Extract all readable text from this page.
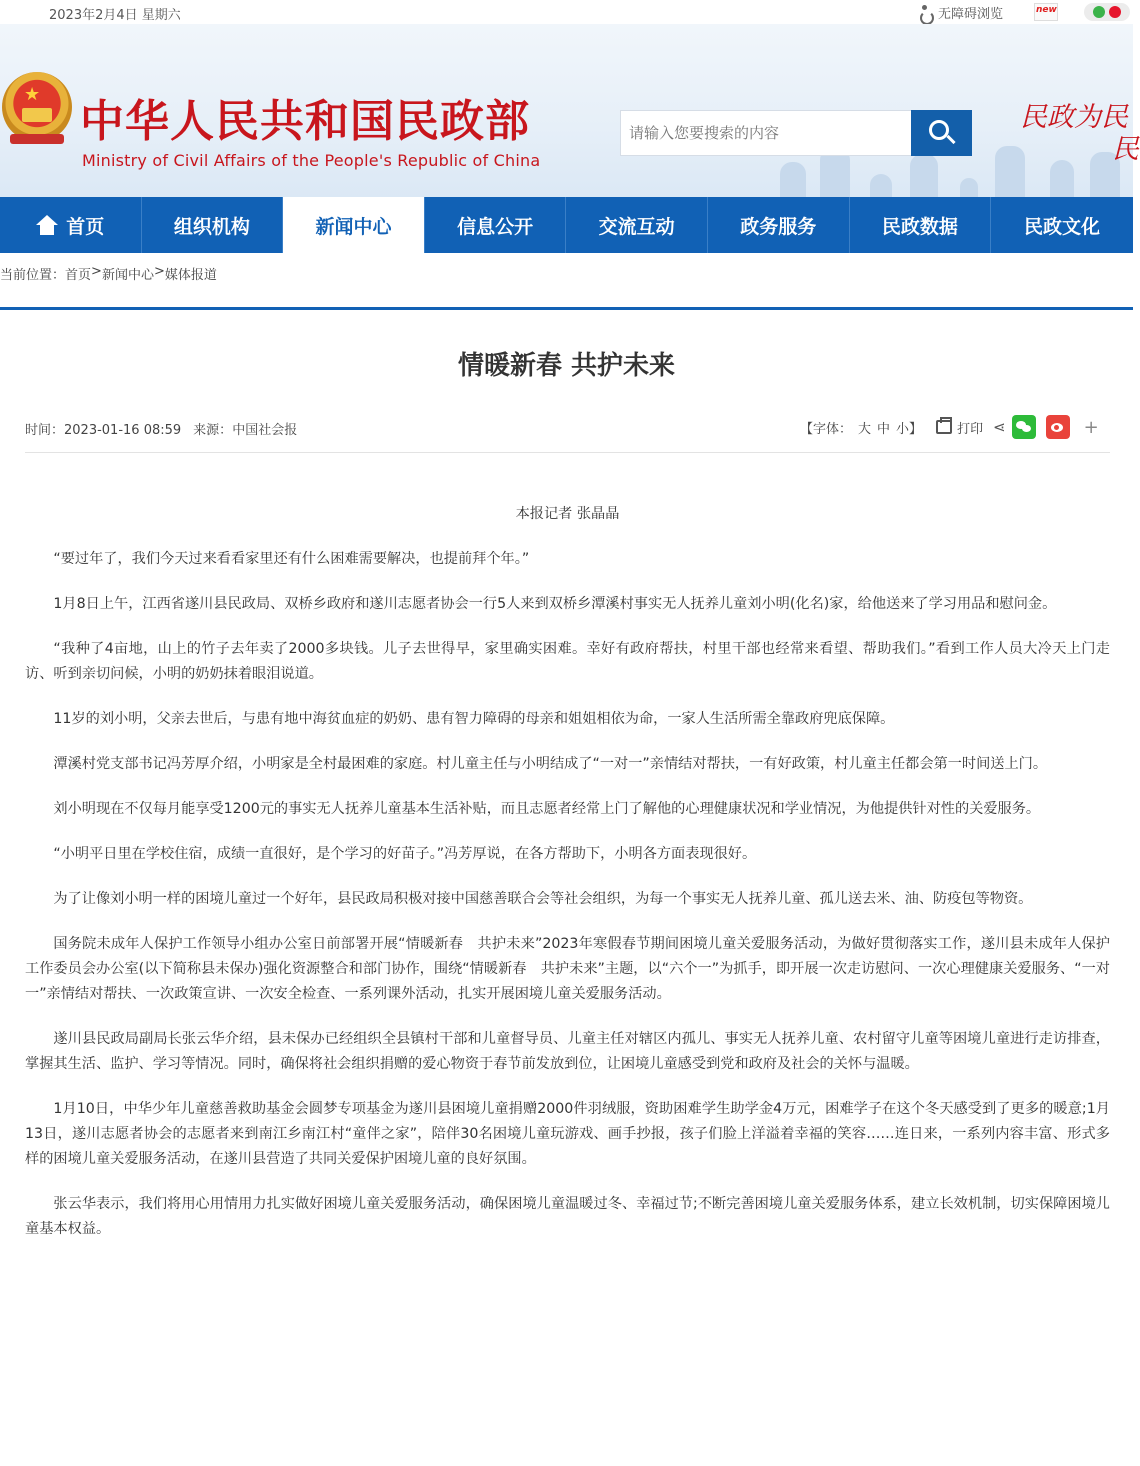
2023年2月4日 星期六	无障碍浏览	new
★
中华人民共和国民政部
Ministry of Civil Affairs of the People's Republic of China
请输入您要搜索的内容
民政为民
民
首页	组织机构	新闻中心	信息公开	交流互动	政务服务	民政数据	民政文化
当前位置： 首页 > 新闻中心 > 媒体报道
情暖新春 共护未来
时间：2023-01-16 08:59 来源：中国社会报	【字体： 大 中 小】	打印 ⋖	+

本报记者 张晶晶

“要过年了，我们今天过来看看家里还有什么困难需要解决，也提前拜个年。”

1月8日上午，江西省遂川县民政局、双桥乡政府和遂川志愿者协会一行5人来到双桥乡潭溪村事实无人抚养儿童刘小明(化名)家，给他送来了学习用品和慰问金。

“我种了4亩地，山上的竹子去年卖了2000多块钱。儿子去世得早，家里确实困难。幸好有政府帮扶，村里干部也经常来看望、帮助我们。”看到工作人员大冷天上门走访、听到亲切问候，小明的奶奶抹着眼泪说道。

11岁的刘小明，父亲去世后，与患有地中海贫血症的奶奶、患有智力障碍的母亲和姐姐相依为命，一家人生活所需全靠政府兜底保障。

潭溪村党支部书记冯芳厚介绍，小明家是全村最困难的家庭。村儿童主任与小明结成了“一对一”亲情结对帮扶，一有好政策，村儿童主任都会第一时间送上门。

刘小明现在不仅每月能享受1200元的事实无人抚养儿童基本生活补贴，而且志愿者经常上门了解他的心理健康状况和学业情况，为他提供针对性的关爱服务。

“小明平日里在学校住宿，成绩一直很好，是个学习的好苗子。”冯芳厚说，在各方帮助下，小明各方面表现很好。

为了让像刘小明一样的困境儿童过一个好年，县民政局积极对接中国慈善联合会等社会组织，为每一个事实无人抚养儿童、孤儿送去米、油、防疫包等物资。

国务院未成年人保护工作领导小组办公室日前部署开展“情暖新春　共护未来”2023年寒假春节期间困境儿童关爱服务活动，为做好贯彻落实工作，遂川县未成年人保护工作委员会办公室(以下简称县未保办)强化资源整合和部门协作，围绕“情暖新春　共护未来”主题，以“六个一”为抓手，即开展一次走访慰问、一次心理健康关爱服务、“一对一”亲情结对帮扶、一次政策宣讲、一次安全检查、一系列课外活动，扎实开展困境儿童关爱服务活动。

遂川县民政局副局长张云华介绍，县未保办已经组织全县镇村干部和儿童督导员、儿童主任对辖区内孤儿、事实无人抚养儿童、农村留守儿童等困境儿童进行走访排查，掌握其生活、监护、学习等情况。同时，确保将社会组织捐赠的爱心物资于春节前发放到位，让困境儿童感受到党和政府及社会的关怀与温暖。

1月10日，中华少年儿童慈善救助基金会圆梦专项基金为遂川县困境儿童捐赠2000件羽绒服，资助困难学生助学金4万元，困难学子在这个冬天感受到了更多的暖意;1月13日，遂川志愿者协会的志愿者来到南江乡南江村“童伴之家”，陪伴30名困境儿童玩游戏、画手抄报，孩子们脸上洋溢着幸福的笑容……连日来，一系列内容丰富、形式多样的困境儿童关爱服务活动，在遂川县营造了共同关爱保护困境儿童的良好氛围。

张云华表示，我们将用心用情用力扎实做好困境儿童关爱服务活动，确保困境儿童温暖过冬、幸福过节;不断完善困境儿童关爱服务体系，建立长效机制，切实保障困境儿童基本权益。
